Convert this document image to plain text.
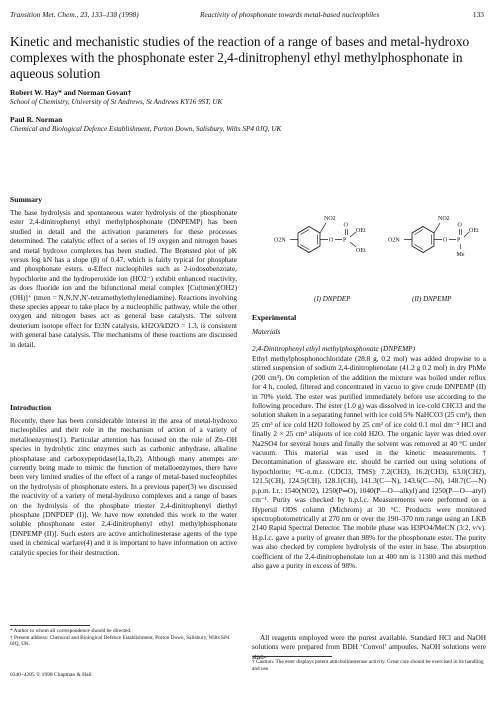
Transition Met. Chem., 23, 133–138 (1998)	Reactivity of phosphonate towards metal-based nucleophiles	133
Kinetic and mechanistic studies of the reaction of a range of bases and metal-hydroxo complexes with the phosphonate ester 2,4-dinitrophenyl ethyl methylphosphonate in aqueous solution

Robert W. Hay* and Norman Govan†

School of Chemistry, University of St Andrews, St Andrews KY16 9ST, UK

Paul R. Norman

Chemical and Biological Defence Establishment, Porton Down, Salisbury, Wilts SP4 0JQ, UK

Summary

The base hydrolysis and spontaneous water hydrolysis of the phosphonate ester 2,4-dinitrophenyl ethyl methylphosphonate (DNPEMP) has been studied in detail and the activation parameters for these processes determined. The catalytic effect of a series of 19 oxygen and nitrogen bases and metal hydroxo complexes has been studied. The Brønsted plot of pK versus log kN has a slope (β) of 0.47, which is fairly typical for phosphate and phosphonate esters. α-Effect nucleophiles such as 2-iodosobenzoate, hypochlorite and the hydroperoxide ion (HO2⁻) exhibit enhanced reactivity, as does fluoride ion and the bifunctional metal complex [Cu(tmen)(OH2)(OH)]⁺ (tmen = N,N,N′,N′-tetramethylethylenediamine). Reactions involving these species appear to take place by a nucleophilic pathway, while the other oxygen and nitrogen bases act as general base catalysts. The solvent deuterium isotope effect for Et3N catalysis, kH2O/kD2O = 1.3, is consistent with general base catalysis. The mechanisms of these reactions are discussed in detail.

Introduction

Recently, there has been considerable interest in the area of metal-hydroxo nucleophiles and their role in the mechanism of action of a variety of metalloenzymes(1). Particular attention has focused on the role of Zn–OH species in hydrolytic zinc enzymes such as carbonic anhydrase, alkaline phosphatase and carboxypeptidase(1a,1b,2). Although many attempts are currently being made to mimic the function of metalloenzymes, there have been very limited studies of the effect of a range of metal-based nucleophiles on the hydrolysis of phosphonate esters. In a previous paper(3) we discussed the reactivity of a variety of metal-hydroxo complexes and a range of bases on the hydrolysis of the phosphate triester 2,4-dinitrophenyl diethyl phosphate [DNPDEP (I)]. We have now extended this work to the water soluble phosphonate ester 2,4-dinitrophenyl ethyl methylphosphonate [DNPEMP (II)]. Such esters are active anticholinesterase agents of the type used in chemical warfare(4) and it is important to have information on active catalytic species for their destruction.

* Author to whom all correspondence should be directed.

† Present address: Chemical and Biological Defence Establishment, Porton Down, Salisbury, Wilts SP4 0JQ, UK.

0340–4285 © 1998 Chapman & Hall

NO2
O2N	O P
O
OEt
OEt
NO2
O2N	O P
O
OEt
Me
(I) DNPDEP	(II) DNPEMP

Experimental

Materials

2,4-Dinitrophenyl ethyl methylphosphonate (DNPEMP)

Ethyl methylphosphonochloridate (28.8 g, 0.2 mol) was added dropwise to a stirred suspension of sodium 2,4-dinitrophenolate (41.2 g 0.2 mol) in dry PhMe (200 cm³). On completion of the addition the mixture was boiled under reflux for 4 h, cooled, filtered and concentrated in vacuo to give crude DNPEMP (II) in 70% yield. The ester was purified immediately before use according to the following procedure. The ester (1.0 g) was dissolved in ice-cold CHCl3 and the solution shaken in a separating funnel with ice cold 5% NaHCO3 (25 cm³), then 25 cm³ of ice cold H2O followed by 25 cm³ of ice cold 0.1 mol dm⁻³ HCl and finally 2 × 25 cm³ aliquots of ice cold H2O. The organic layer was dried over Na2SO4 for several hours and finally the solvent was removed at 40 °C under vacuum. This material was used in the kinetic measurements.† Decontamination of glassware etc. should be carried out using solutions of hypochlorite; ¹³C-n.m.r. (CDCl3, TMS): 7.2(CH3), 16.2(CH3), 63.0(CH2), 121.5(CH), 124.5(CH), 128.1(CH), 141.3(C—N), 143.6(C—N), 148.7(C—N) p.p.m. I.r.: 1540(NO2), 1250(P═O), 1040(P—O—alkyl) and 1250(P—O—aryl) cm⁻¹. Purity was checked by h.p.l.c. Measurements were performed on a Hypersil ODS column (Michrom) at 30 °C. Products were monitored spectrophotometrically at 270 nm or over the 190–370 nm range using an LKB 2140 Rapid Spectral Detector. The mobile phase was H3PO4/MeCN (3:2, v/v). H.p.l.c. gave a purity of greater than 98% for the phosphonate ester. The purity was also checked by complete hydrolysis of the ester in base. The absorption coefficient of the 2,4-dinitrophenolate ion at 400 nm is 11300 and this method also gave a purity in excess of 98%.

All reagents employed were the purest available. Standard HCl and NaOH solutions were prepared from BDH ‘Convol’ ampoules. NaOH solutions were stan-

† Caution: The ester displays potent anticholinesterase activity. Great care should be exercised in its handling and use.
